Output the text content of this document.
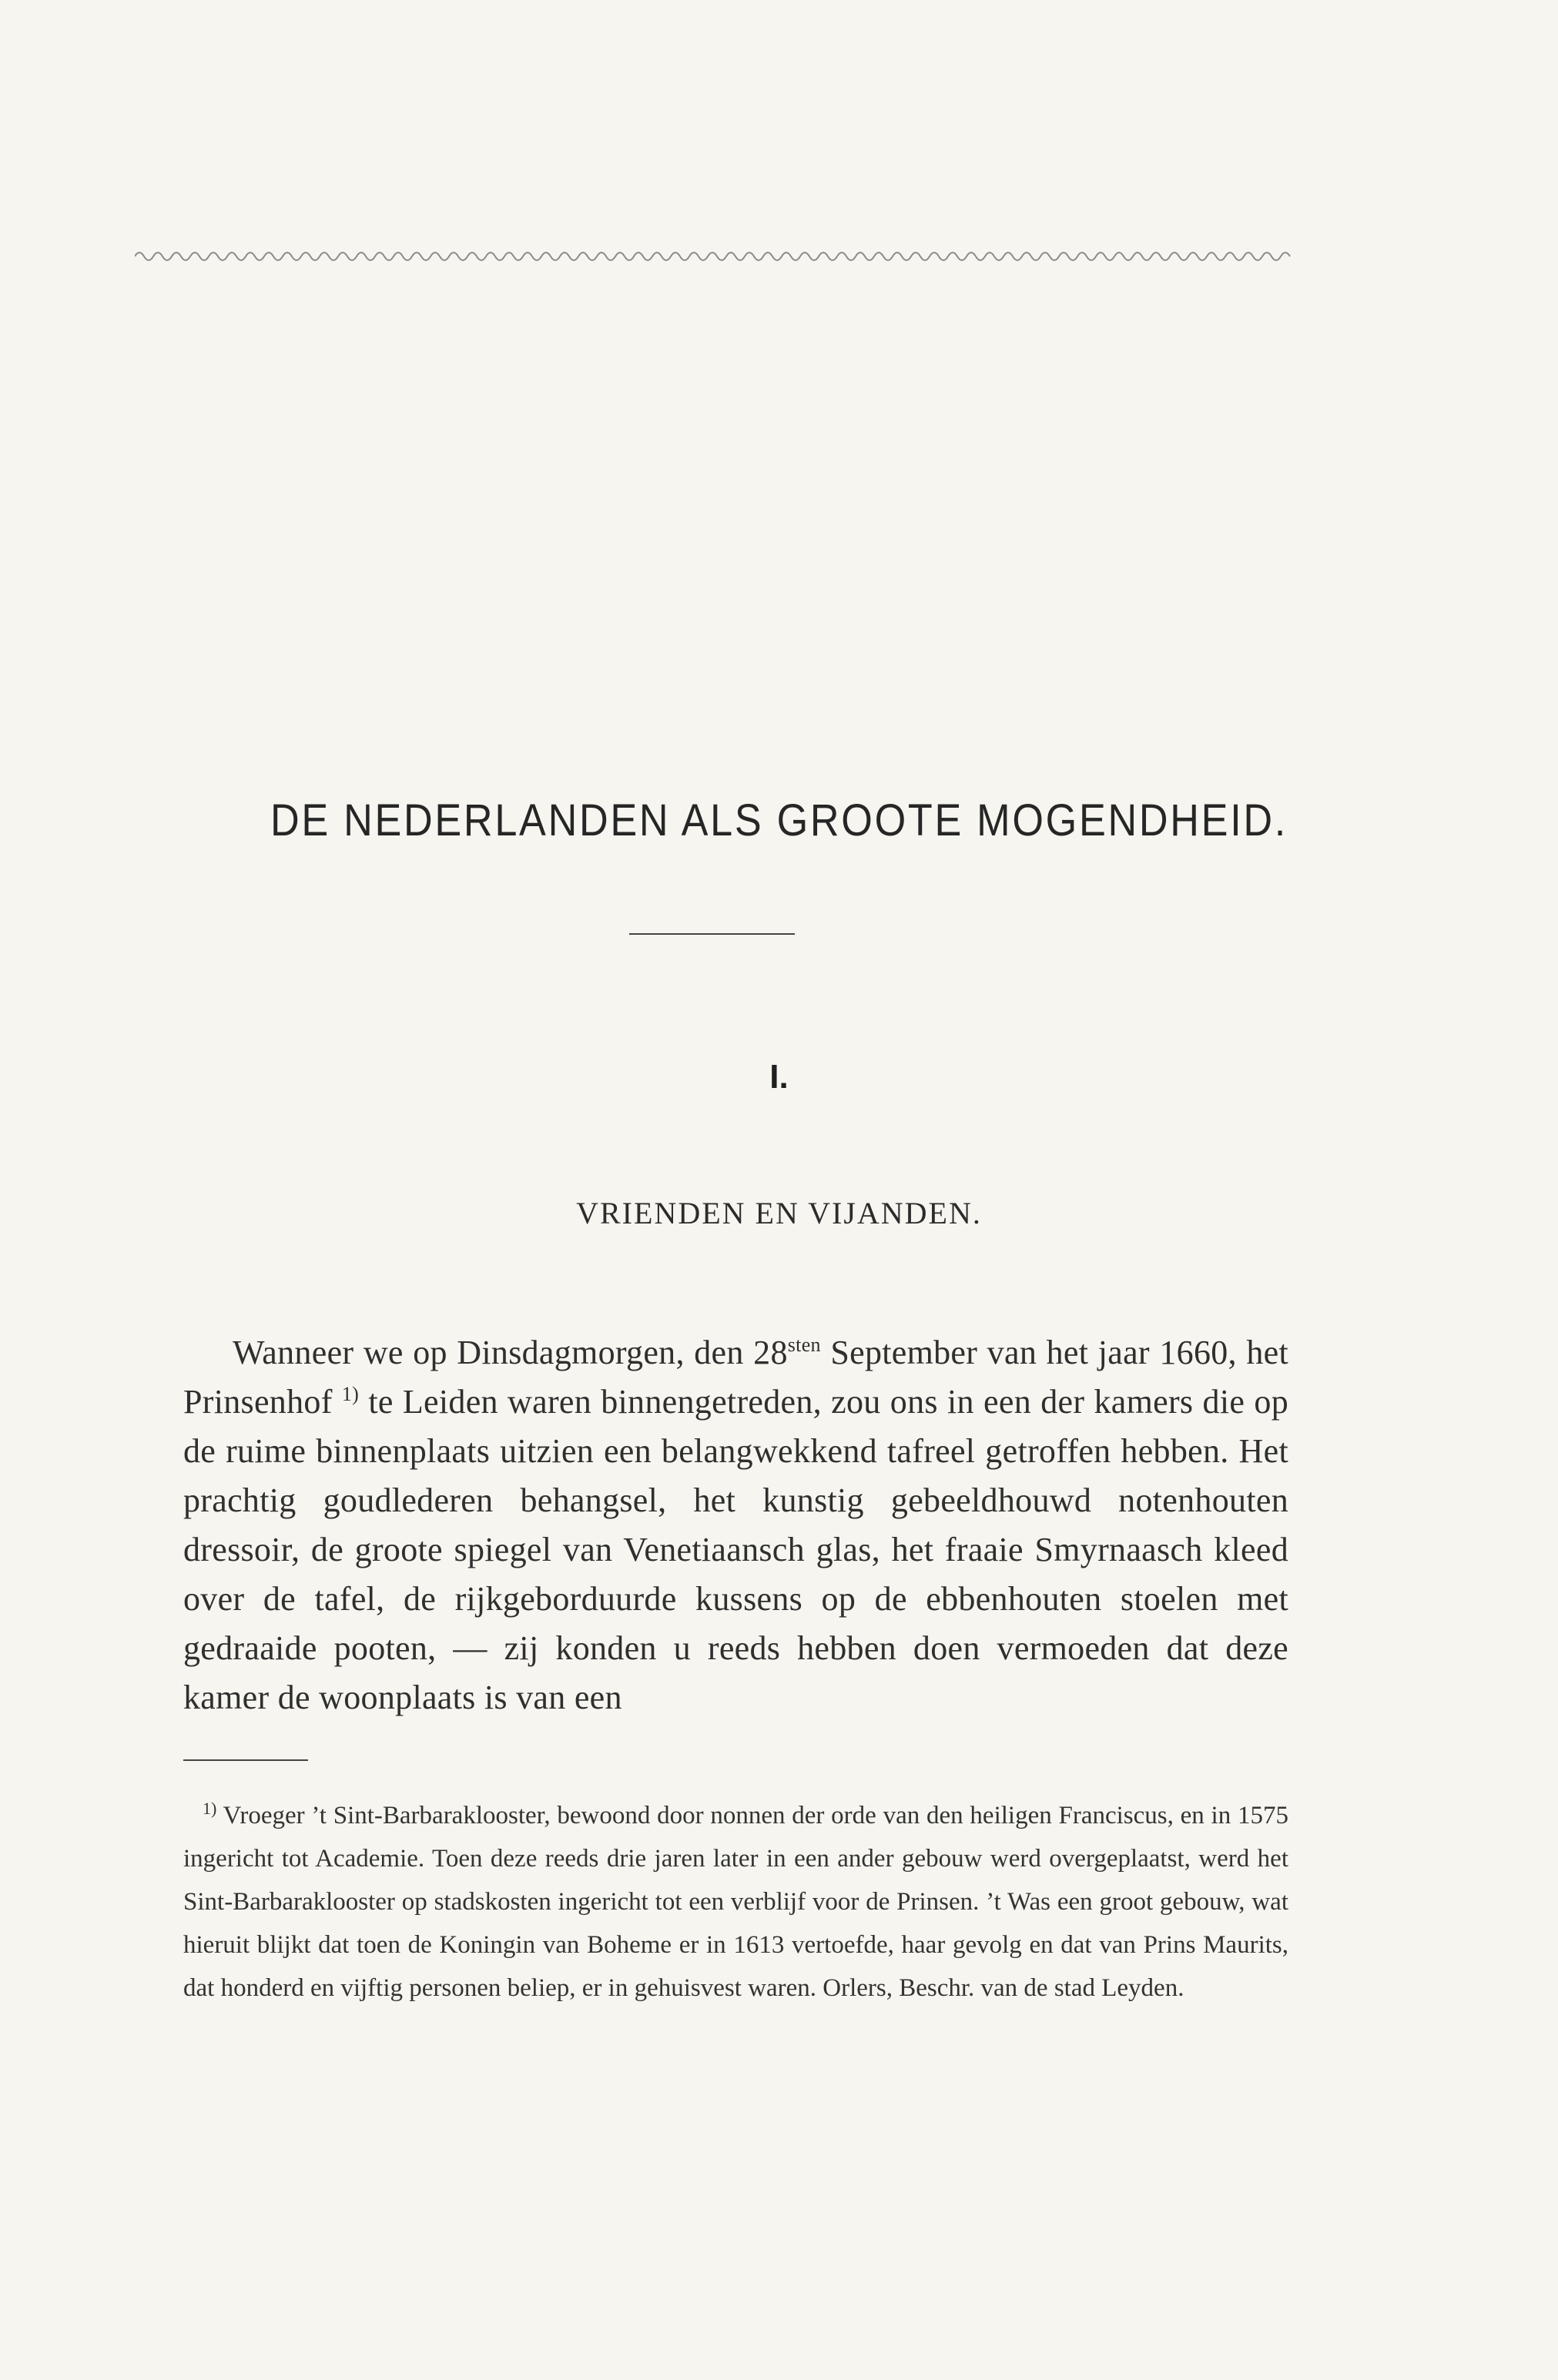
DE NEDERLANDEN ALS GROOTE MOGENDHEID.
I.
VRIENDEN EN VIJANDEN.

Wanneer we op Dinsdagmorgen, den $28^{sten}$ September van het jaar 1660, het Prinsenhof $^{1)}$ te Leiden waren binnengetreden, zou ons in een der kamers die op de ruime binnenplaats uitzien een belangwekkend tafreel getroffen hebben. Het prachtig goudlederen behangsel, het kunstig gebeeldhouwd notenhouten dressoir, de groote spiegel van Venetiaansch glas, het fraaie Smyrnaasch kleed over de tafel, de rijkgeborduurde kussens op de ebbenhouten stoelen met gedraaide pooten, — zij konden u reeds hebben doen vermoeden dat deze kamer de woonplaats is van een

$^{1)}$ Vroeger ’t Sint-Barbaraklooster, bewoond door nonnen der orde van den heiligen Franciscus, en in 1575 ingericht tot Academie. Toen deze reeds drie jaren later in een ander gebouw werd overgeplaatst, werd het Sint-Barbaraklooster op stadskosten ingericht tot een verblijf voor de Prinsen. ’t Was een groot gebouw, wat hieruit blijkt dat toen de Koningin van Boheme er in 1613 vertoefde, haar gevolg en dat van Prins Maurits, dat honderd en vijftig personen beliep, er in gehuisvest waren. Orlers, Beschr. van de stad Leyden.
